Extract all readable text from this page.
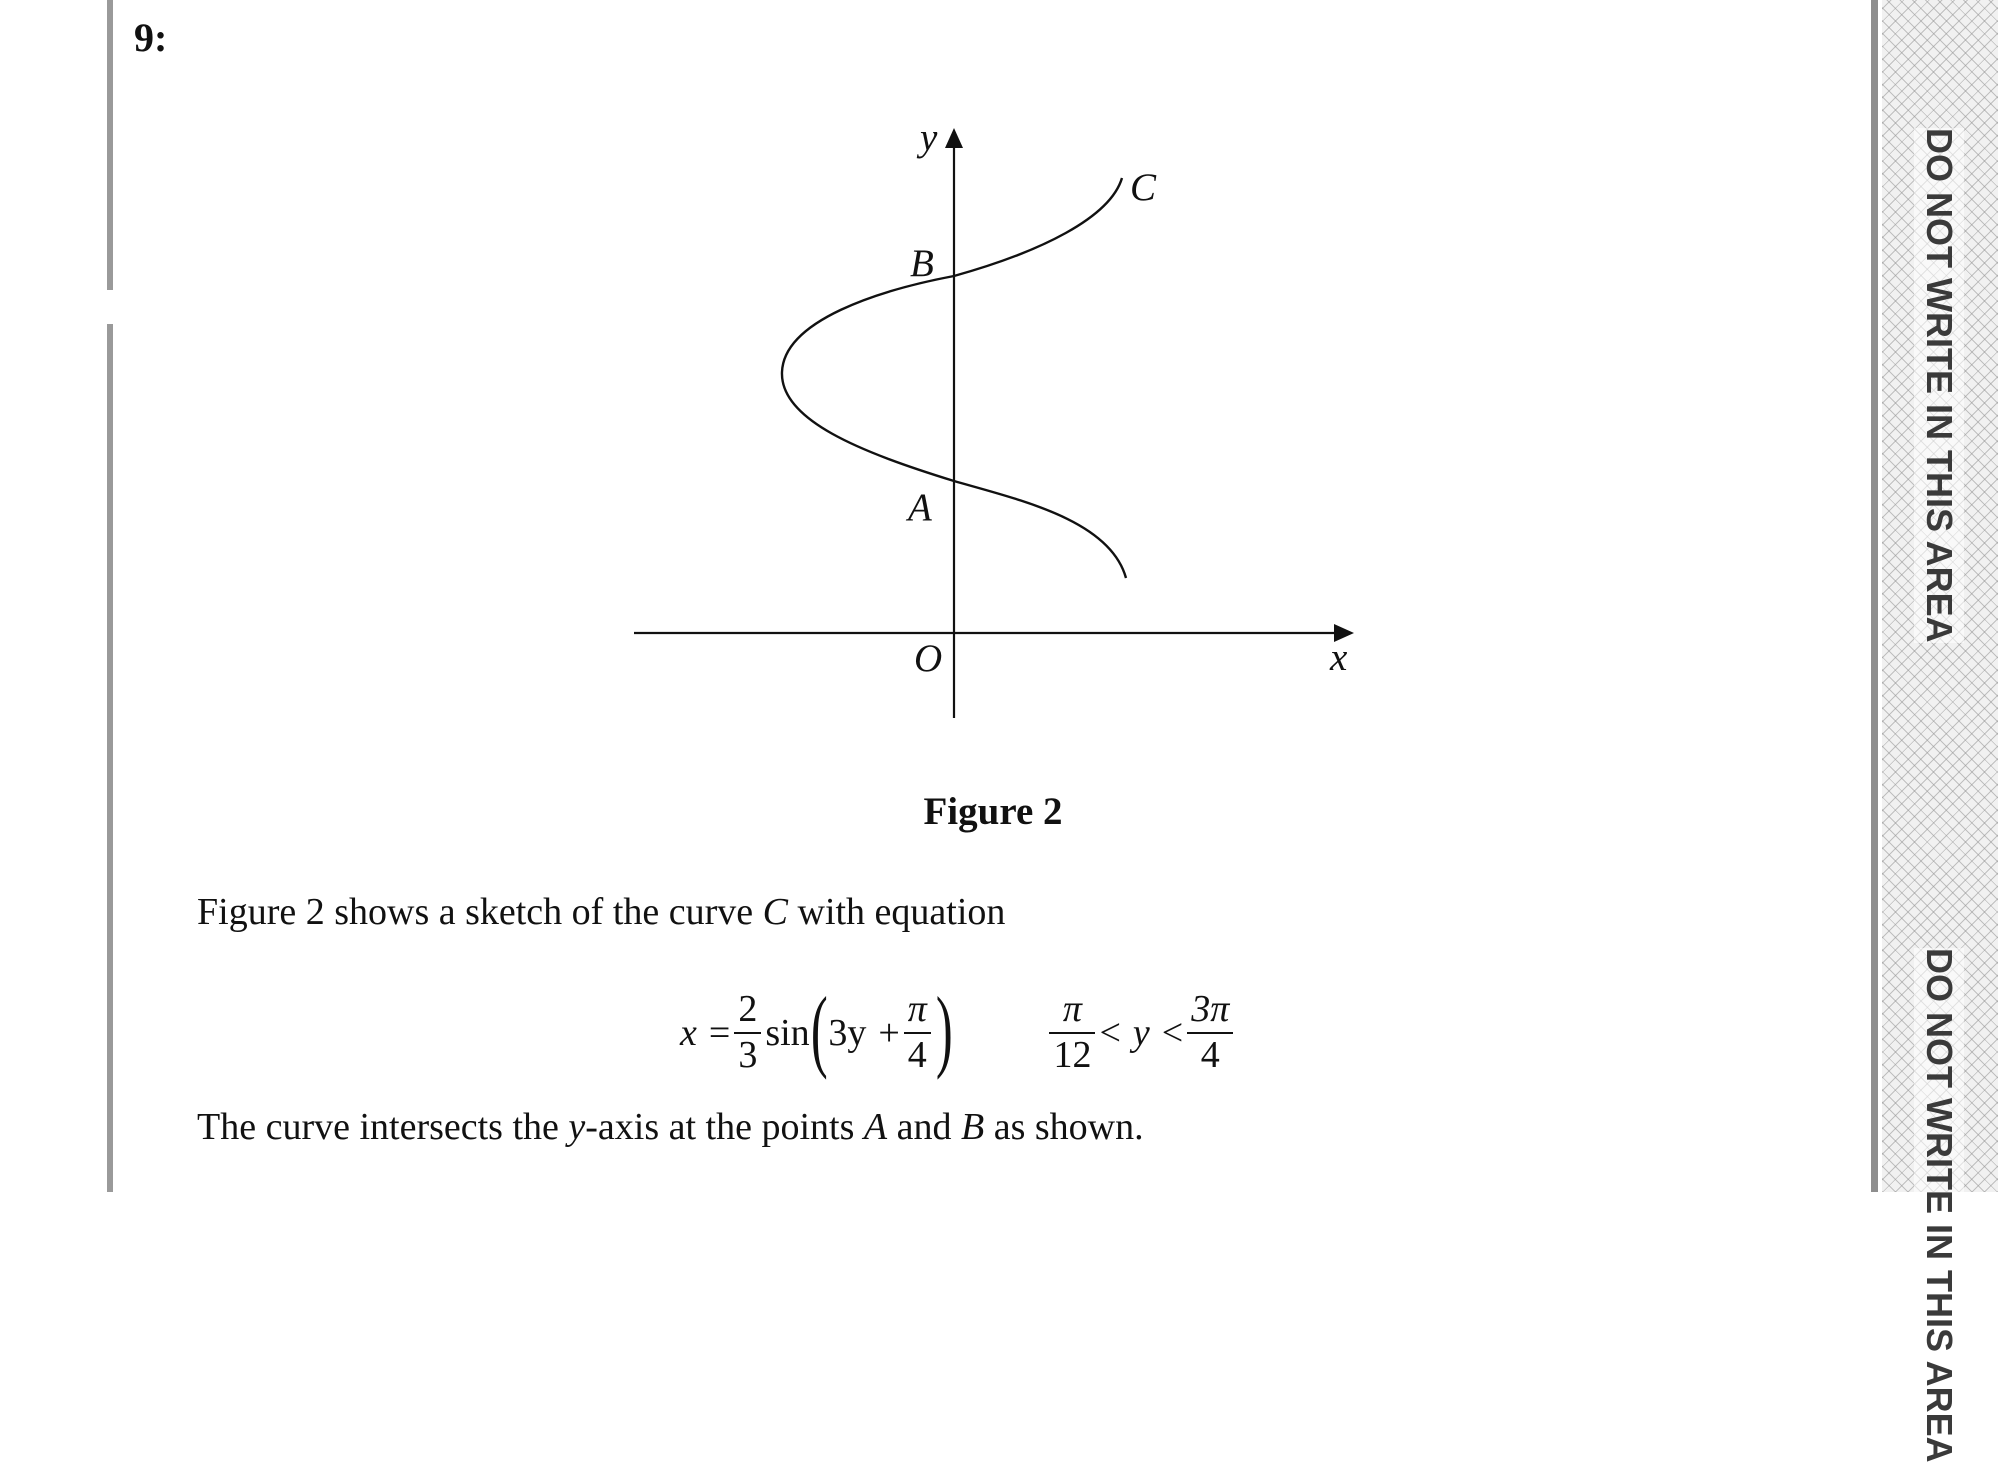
9:
y
x
O
A
B
C
Figure 2
Figure 2 shows a sketch of the curve C with equation
$x = \frac{2}{3}$ sin ( $3y + \frac{\pi}{4}$ )	$\frac{\pi}{12} < y < \frac{3\pi}{4}$
The curve intersects the y-axis at the points A and B as shown.
DO NOT WRITE IN THIS AREA
DO NOT WRITE IN THIS AREA
